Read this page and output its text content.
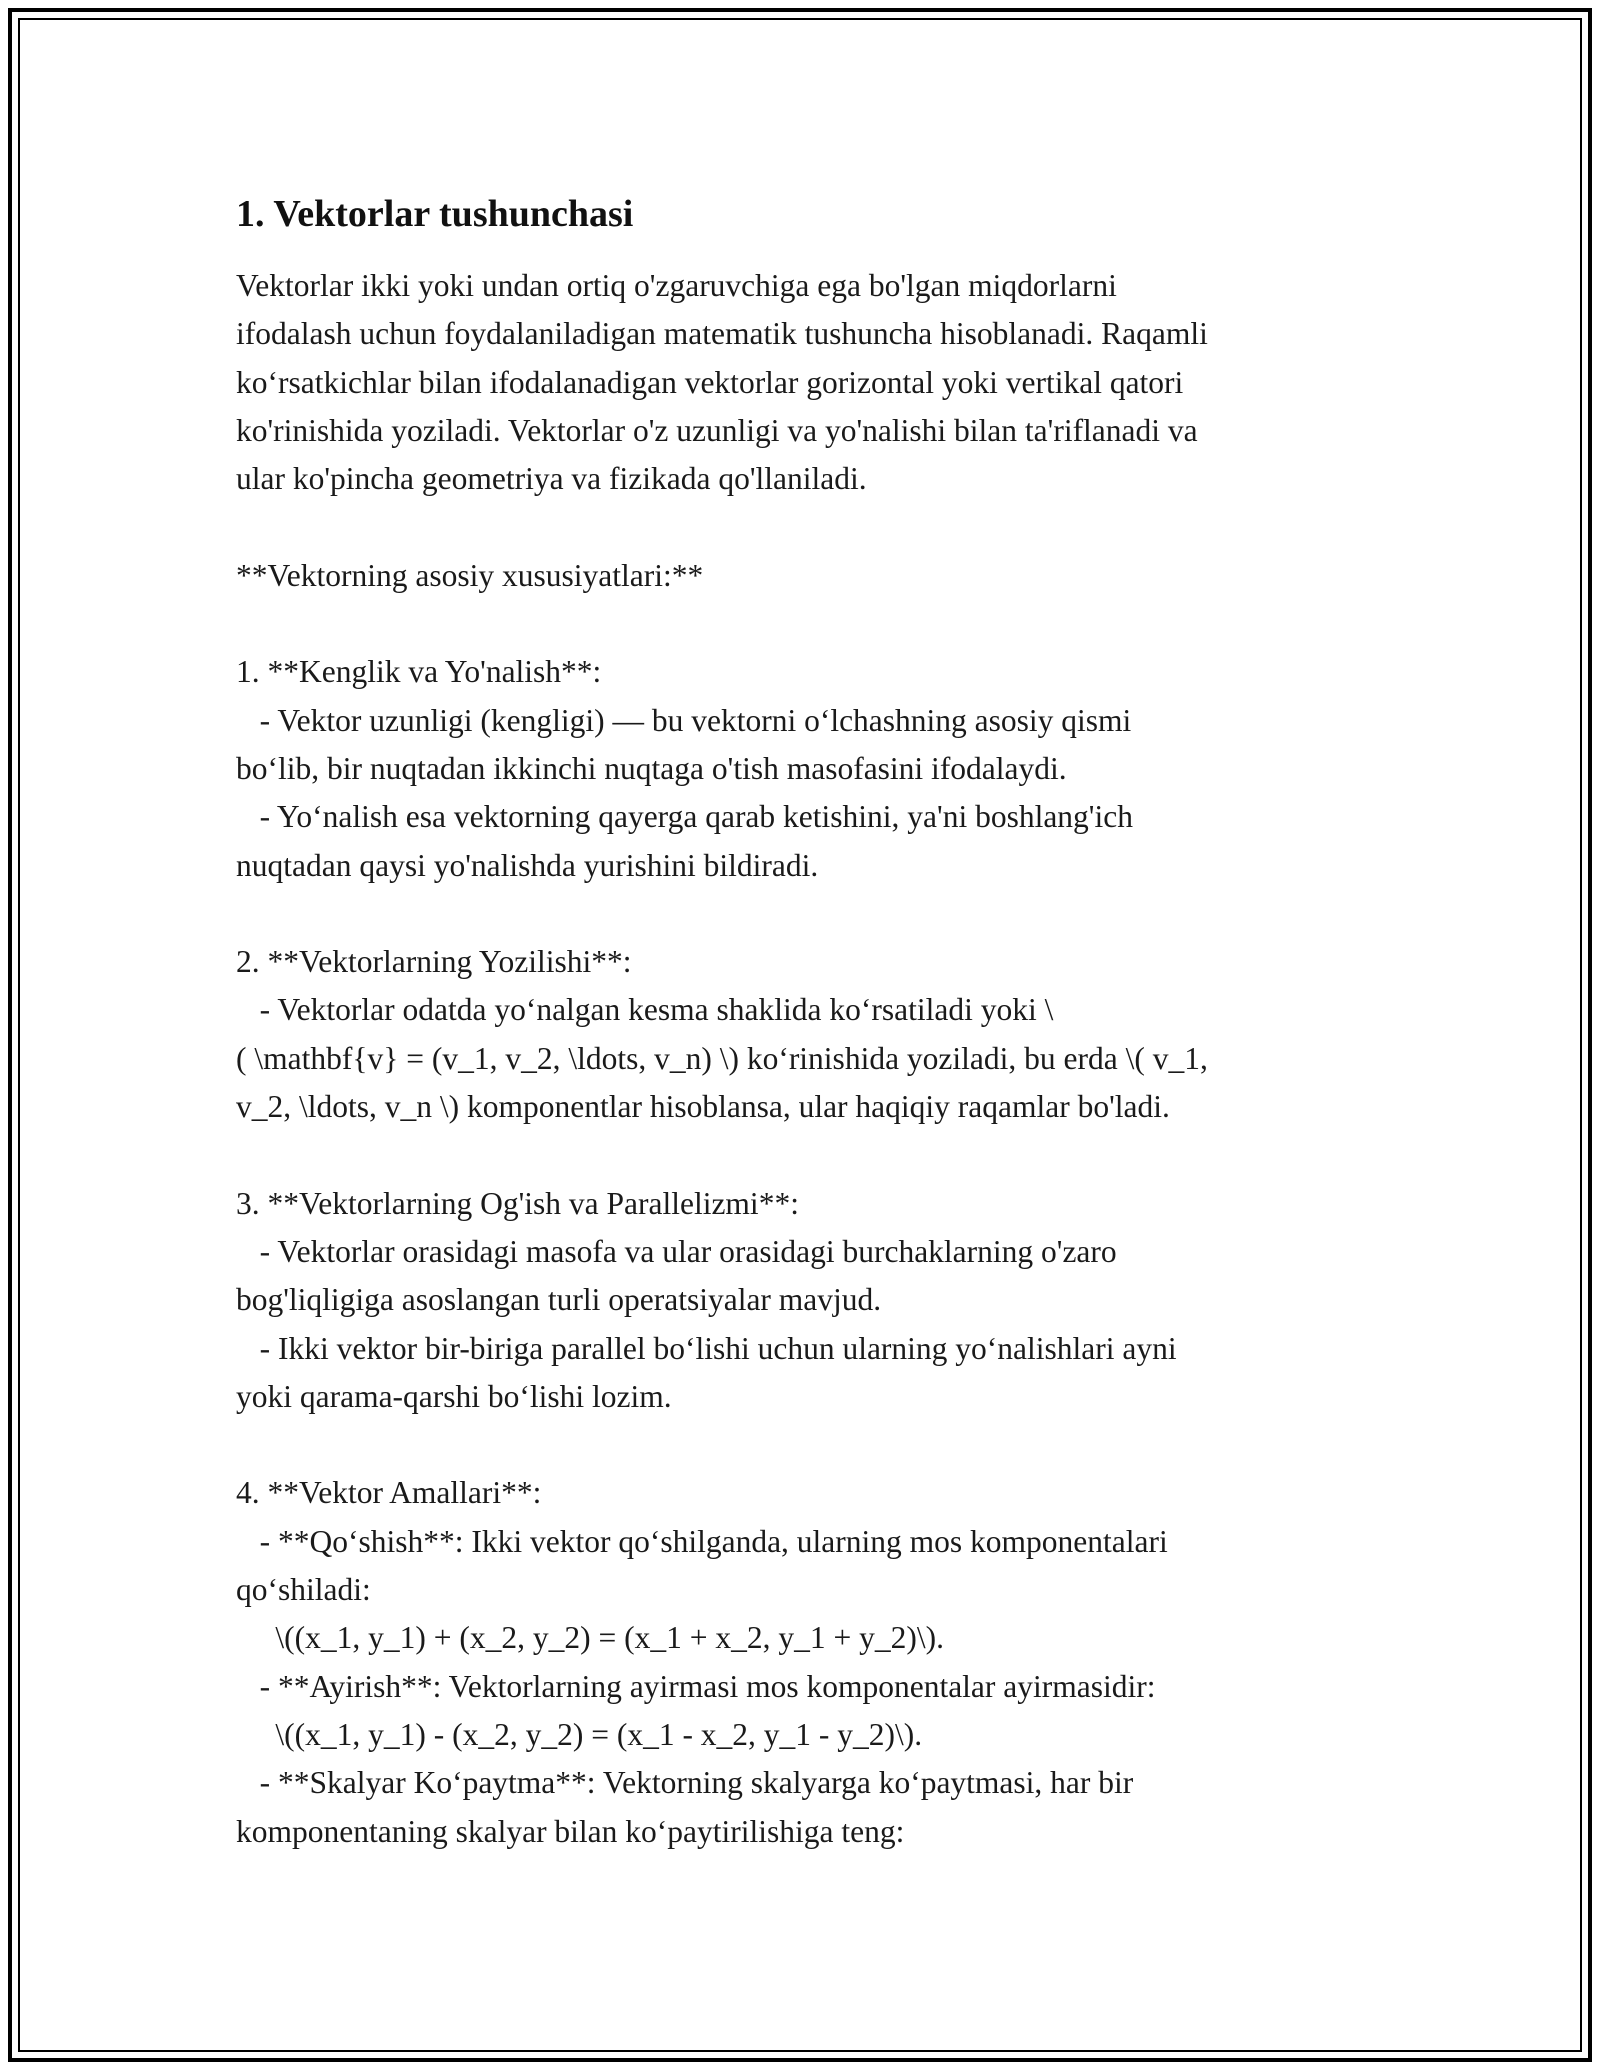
1. Vektorlar tushunchasi

Vektorlar ikki yoki undan ortiq o'zgaruvchiga ega bo'lgan miqdorlarni

ifodalash uchun foydalaniladigan matematik tushuncha hisoblanadi. Raqamli

ko‘rsatkichlar bilan ifodalanadigan vektorlar gorizontal yoki vertikal qatori

ko'rinishida yoziladi. Vektorlar o'z uzunligi va yo'nalishi bilan ta'riflanadi va

ular ko'pincha geometriya va fizikada qo'llaniladi.

**Vektorning asosiy xususiyatlari:**

1. **Kenglik va Yo'nalish**:

- Vektor uzunligi (kengligi) — bu vektorni o‘lchashning asosiy qismi

bo‘lib, bir nuqtadan ikkinchi nuqtaga o'tish masofasini ifodalaydi.

- Yo‘nalish esa vektorning qayerga qarab ketishini, ya'ni boshlang'ich

nuqtadan qaysi yo'nalishda yurishini bildiradi.

2. **Vektorlarning Yozilishi**:

- Vektorlar odatda yo‘nalgan kesma shaklida ko‘rsatiladi yoki \

( \mathbf{v} = (v_1, v_2, \ldots, v_n) \) ko‘rinishida yoziladi, bu erda \( v_1,

v_2, \ldots, v_n \) komponentlar hisoblansa, ular haqiqiy raqamlar bo'ladi.

3. **Vektorlarning Og'ish va Parallelizmi**:

- Vektorlar orasidagi masofa va ular orasidagi burchaklarning o'zaro

bog'liqligiga asoslangan turli operatsiyalar mavjud.

- Ikki vektor bir-biriga parallel bo‘lishi uchun ularning yo‘nalishlari ayni

yoki qarama-qarshi bo‘lishi lozim.

4. **Vektor Amallari**:

- **Qo‘shish**: Ikki vektor qo‘shilganda, ularning mos komponentalari

qo‘shiladi:

\((x_1, y_1) + (x_2, y_2) = (x_1 + x_2, y_1 + y_2)\).

- **Ayirish**: Vektorlarning ayirmasi mos komponentalar ayirmasidir:

\((x_1, y_1) - (x_2, y_2) = (x_1 - x_2, y_1 - y_2)\).

- **Skalyar Ko‘paytma**: Vektorning skalyarga ko‘paytmasi, har bir

komponentaning skalyar bilan ko‘paytirilishiga teng:
